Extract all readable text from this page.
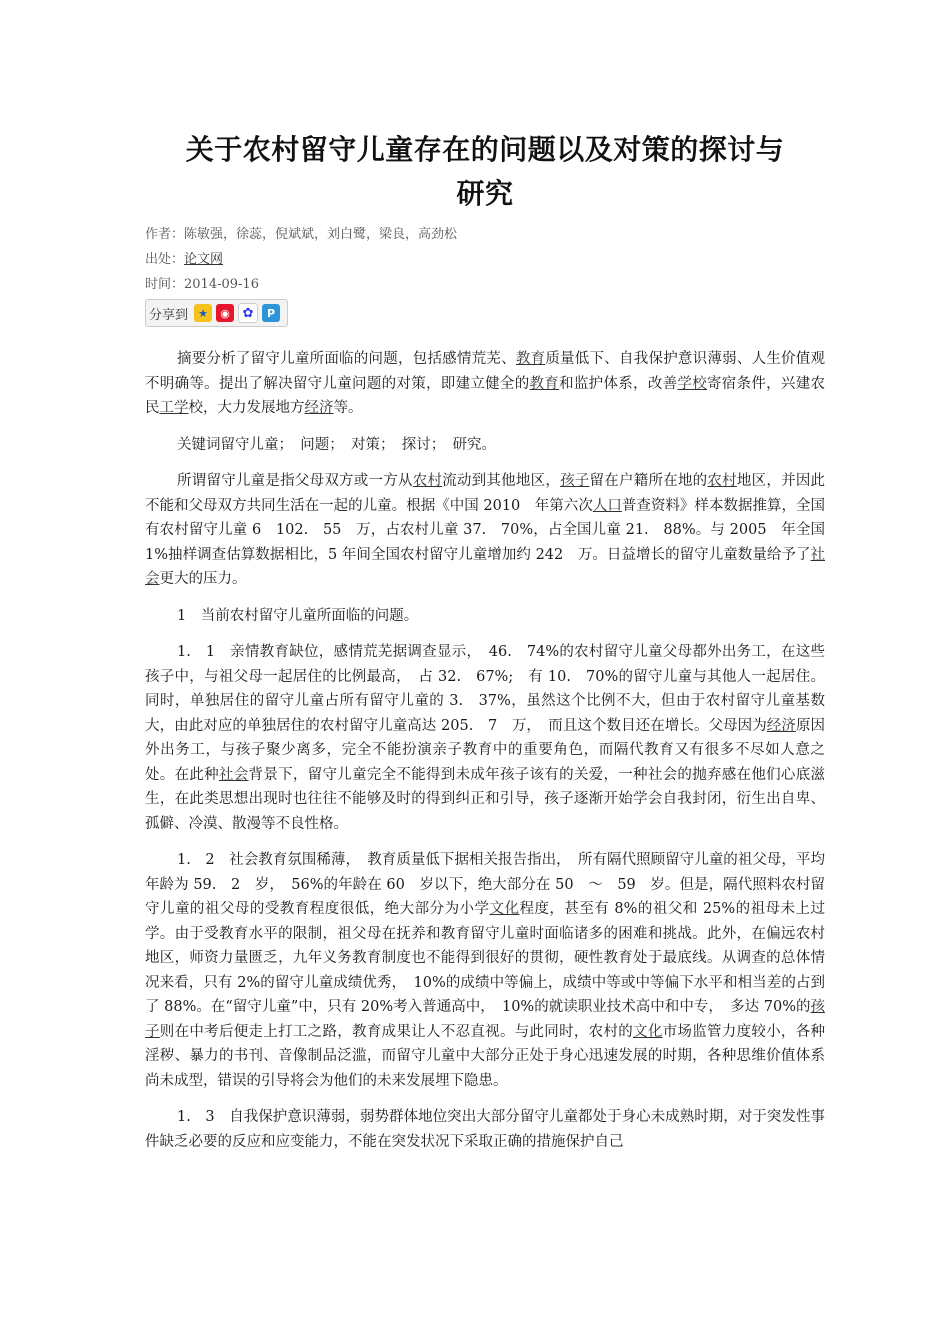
关于农村留守儿童存在的问题以及对策的探讨与
研究

作者：陈敏强，徐蕊，倪斌斌，刘白鹭，梁良，高劲松

出处：论文网

时间：2014-09-16

分享到 ★	◉ ✿	P

摘要分析了留守儿童所面临的问题，包括感情荒芜、教育质量低下、自我保护意识薄弱、人生价值观不明确等。提出了解决留守儿童问题的对策，即建立健全的教育和监护体系，改善学校寄宿条件，兴建农民工学校，大力发展地方经济等。

关键词留守儿童；　问题；　对策；　探讨；　研究。

所谓留守儿童是指父母双方或一方从农村流动到其他地区，孩子留在户籍所在地的农村地区，并因此不能和父母双方共同生活在一起的儿童。根据《中国 2010　年第六次人口普查资料》样本数据推算，全国有农村留守儿童 6　102.　55　万，占农村儿童 37.　70%，占全国儿童 21.　88%。与 2005　年全国 1%抽样调查估算数据相比，5 年间全国农村留守儿童增加约 242　万。日益增长的留守儿童数量给予了社会更大的压力。

1　当前农村留守儿童所面临的问题。

1.　1　亲情教育缺位，感情荒芜据调查显示，　46.　74%的农村留守儿童父母都外出务工，在这些孩子中，与祖父母一起居住的比例最高，　占 32.　67%;　有 10.　70%的留守儿童与其他人一起居住。同时，单独居住的留守儿童占所有留守儿童的 3.　37%，虽然这个比例不大，但由于农村留守儿童基数大，由此对应的单独居住的农村留守儿童高达 205.　7　万，　而且这个数目还在增长。父母因为经济原因外出务工，与孩子聚少离多，完全不能扮演亲子教育中的重要角色，而隔代教育又有很多不尽如人意之处。在此种社会背景下，留守儿童完全不能得到未成年孩子该有的关爱，一种社会的抛弃感在他们心底滋生，在此类思想出现时也往往不能够及时的得到纠正和引导，孩子逐渐开始学会自我封闭，衍生出自卑、孤僻、冷漠、散漫等不良性格。

1.　2　社会教育氛围稀薄，　教育质量低下据相关报告指出，　所有隔代照顾留守儿童的祖父母，平均年龄为 59.　2　岁，　56%的年龄在 60　岁以下，绝大部分在 50　～　59　岁。但是，隔代照料农村留守儿童的祖父母的受教育程度很低，绝大部分为小学文化程度，甚至有 8%的祖父和 25%的祖母未上过学。由于受教育水平的限制，祖父母在抚养和教育留守儿童时面临诸多的困难和挑战。此外，在偏远农村地区，师资力量匮乏，九年义务教育制度也不能得到很好的贯彻，硬性教育处于最底线。从调查的总体情况来看，只有 2%的留守儿童成绩优秀，　10%的成绩中等偏上，成绩中等或中等偏下水平和相当差的占到了 88%。在“留守儿童”中，只有 20%考入普通高中，　10%的就读职业技术高中和中专，　多达 70%的孩子则在中考后便走上打工之路，教育成果让人不忍直视。与此同时，农村的文化市场监管力度较小，各种淫秽、暴力的书刊、音像制品泛滥，而留守儿童中大部分正处于身心迅速发展的时期，各种思维价值体系尚未成型，错误的引导将会为他们的未来发展埋下隐患。

1.　3　自我保护意识薄弱，弱势群体地位突出大部分留守儿童都处于身心未成熟时期，对于突发性事件缺乏必要的反应和应变能力，不能在突发状况下采取正确的措施保护自己
